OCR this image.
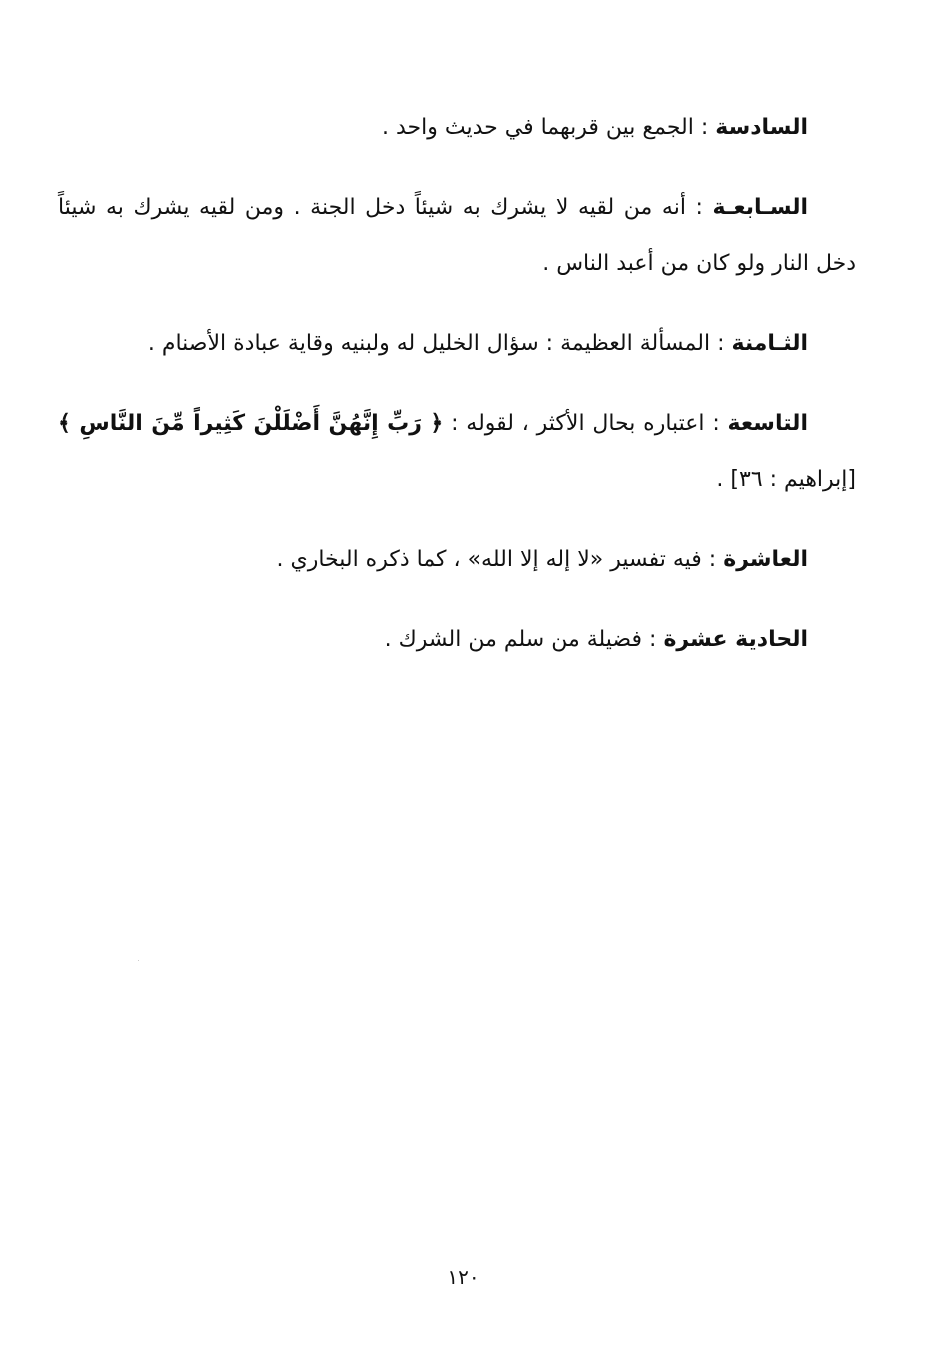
السادسة : الجمع بين قربهما في حديث واحد .

السـابعـة : أنه من لقيه لا يشرك به شيئاً دخل الجنة . ومن لقيه يشرك به شيئاً دخل النار ولو كان من أعبد الناس .

الثـامنة : المسألة العظيمة : سؤال الخليل له ولبنيه وقاية عبادة الأصنام .

التاسعة : اعتباره بحال الأكثر ، لقوله : ﴿ رَبِّ إِنَّهُنَّ أَضْلَلْنَ كَثِيراً مِّنَ النَّاسِ ﴾ [إبراهيم : ٣٦] .

العاشرة : فيه تفسير «لا إله إلا الله» ، كما ذكره البخاري .

الحادية عشرة : فضيلة من سلم من الشرك .

١٢٠
